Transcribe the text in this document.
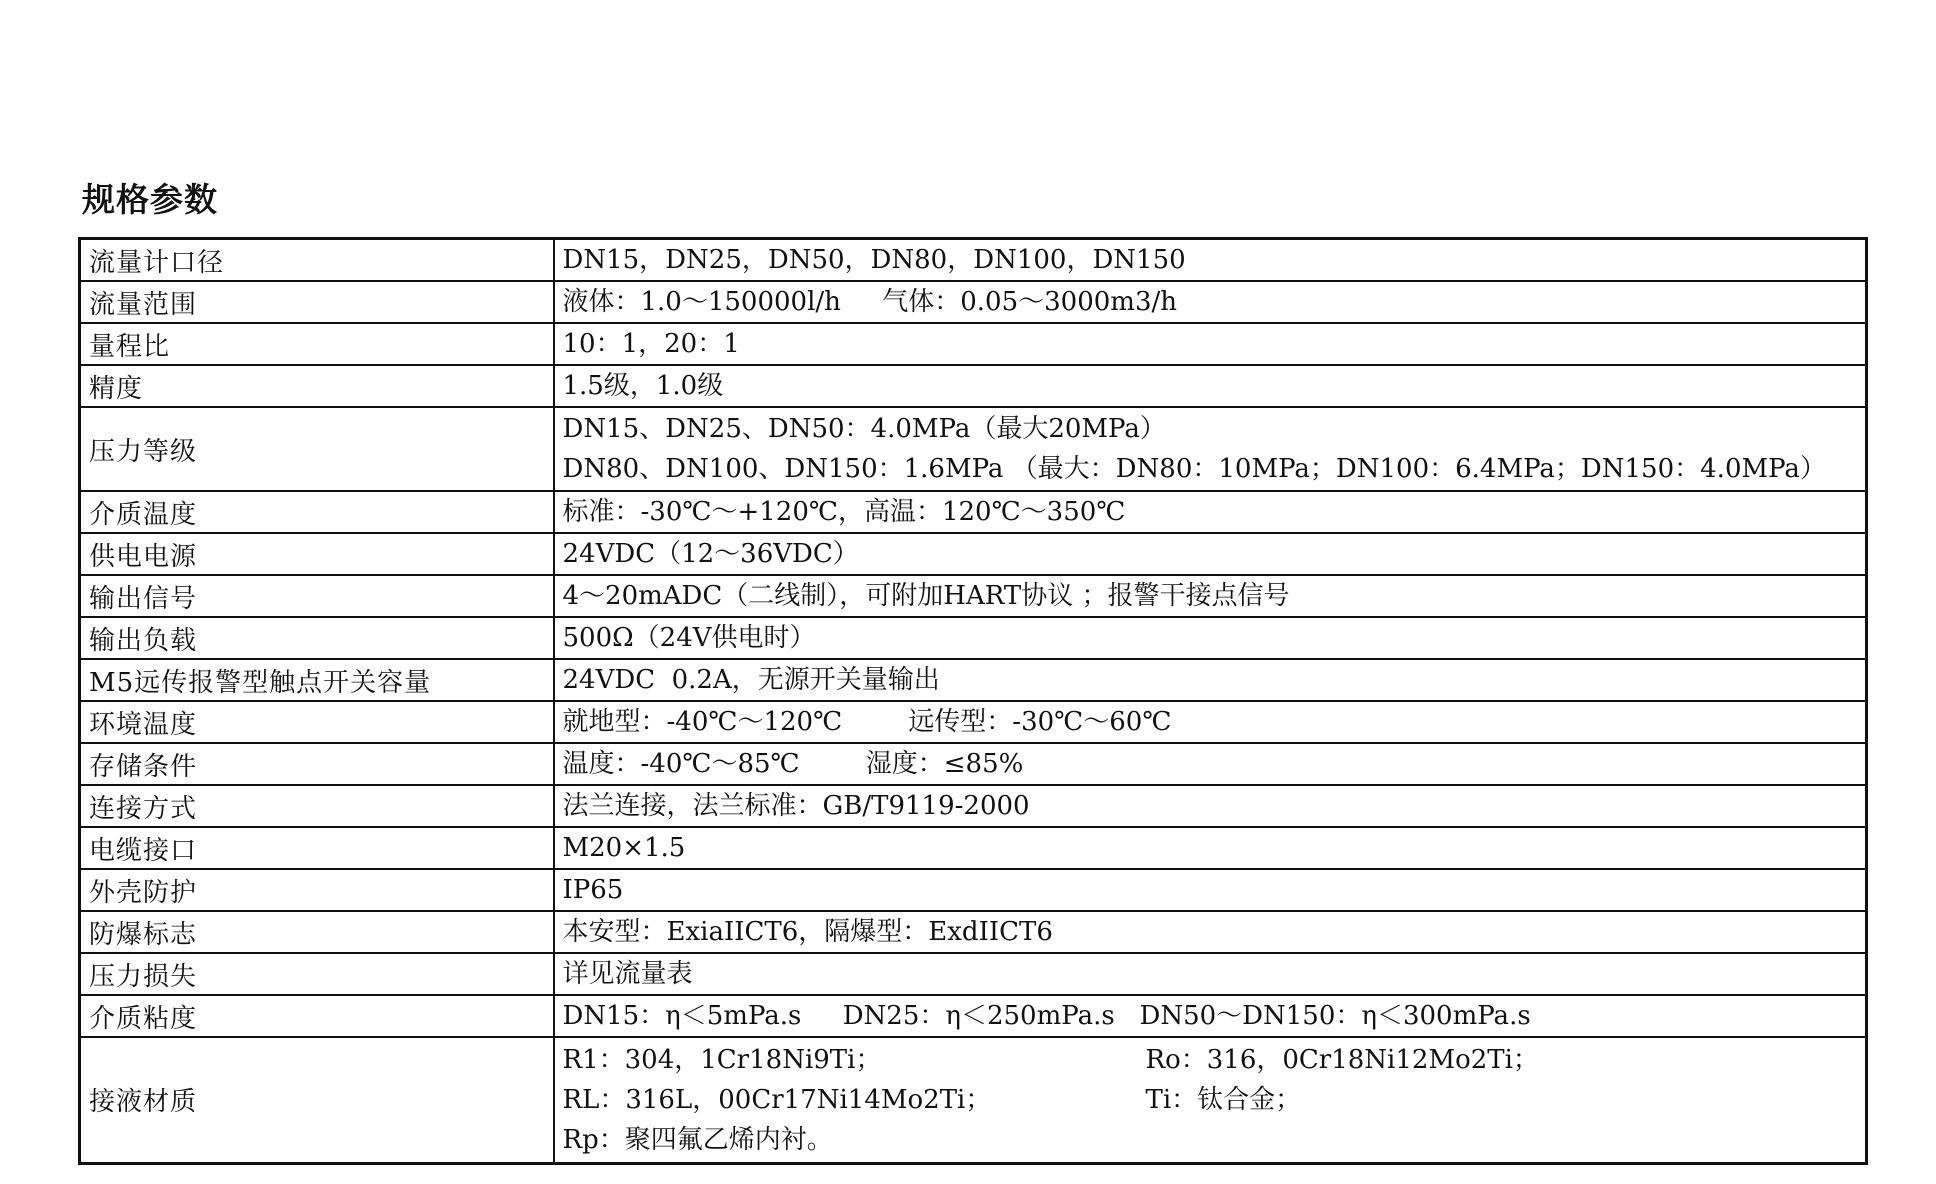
规格参数
流量计口径	DN15，DN25，DN50，DN80，DN100，DN150

流量范围	液体：1.0～150000l/h     气体：0.05～3000m3/h

量程比	10：1，20：1

精度	1.5级，1.0级

压力等级	DN15、DN25、DN50：4.0MPa（最大20MPa）
DN80、DN100、DN150：1.6MPa （最大：DN80：10MPa；DN100：6.4MPa；DN150：4.0MPa）

介质温度	标准：-30℃～+120℃，高温：120℃～350℃

供电电源	24VDC（12～36VDC）

输出信号	4～20mADC（二线制），可附加HART协议 ；报警干接点信号

输出负载	500Ω（24V供电时）

M5远传报警型触点开关容量	24VDC  0.2A，无源开关量输出

环境温度	就地型：-40℃～120℃        远传型：-30℃～60℃

存储条件	温度：-40℃～85℃        湿度：≤85%

连接方式	法兰连接，法兰标准：GB/T9119-2000

电缆接口	M20×1.5

外壳防护	IP65

防爆标志	本安型：ExiaIICT6，隔爆型：ExdIICT6

压力损失	详见流量表

介质粘度	DN15：η＜5mPa.s     DN25：η＜250mPa.s   DN50～DN150：η＜300mPa.s

接液材质	R1：304，1Cr18Ni9Ti； Ro：316，0Cr18Ni12Mo2Ti；
RL：316L，00Cr17Ni14Mo2Ti； Ti：钛合金；
Rp：聚四氟乙烯内衬。
